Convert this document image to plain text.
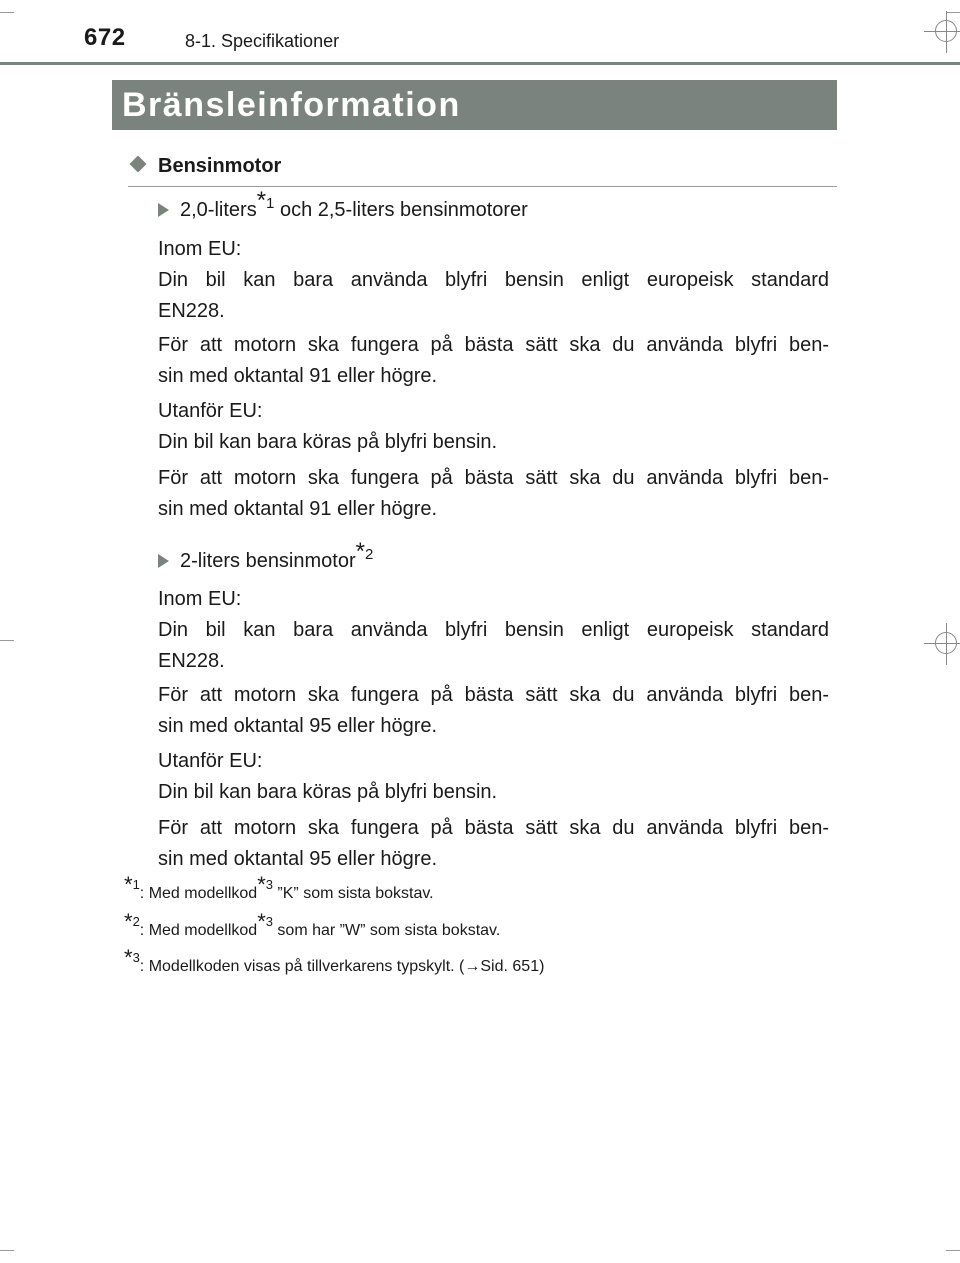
672	8-1. Specifikationer
Bränsleinformation
Bensinmotor
2,0-liters$^{*1}$ och 2,5-liters bensinmotorer
Inom EU:
Din bil kan bara använda blyfri bensin enligt europeisk standard
EN228.
För att motorn ska fungera på bästa sätt ska du använda blyfri ben-
sin med oktantal 91 eller högre.
Utanför EU:
Din bil kan bara köras på blyfri bensin.
För att motorn ska fungera på bästa sätt ska du använda blyfri ben-
sin med oktantal 91 eller högre.
2-liters bensinmotor$^{*2}$
Inom EU:
Din bil kan bara använda blyfri bensin enligt europeisk standard
EN228.
För att motorn ska fungera på bästa sätt ska du använda blyfri ben-
sin med oktantal 95 eller högre.
Utanför EU:
Din bil kan bara köras på blyfri bensin.
För att motorn ska fungera på bästa sätt ska du använda blyfri ben-
sin med oktantal 95 eller högre.
*$^1$: Med modellkod*$^3$ ”K” som sista bokstav.
*$^2$: Med modellkod*$^3$ som har ”W” som sista bokstav.
*$^3$: Modellkoden visas på tillverkarens typskylt. (→Sid. 651)
